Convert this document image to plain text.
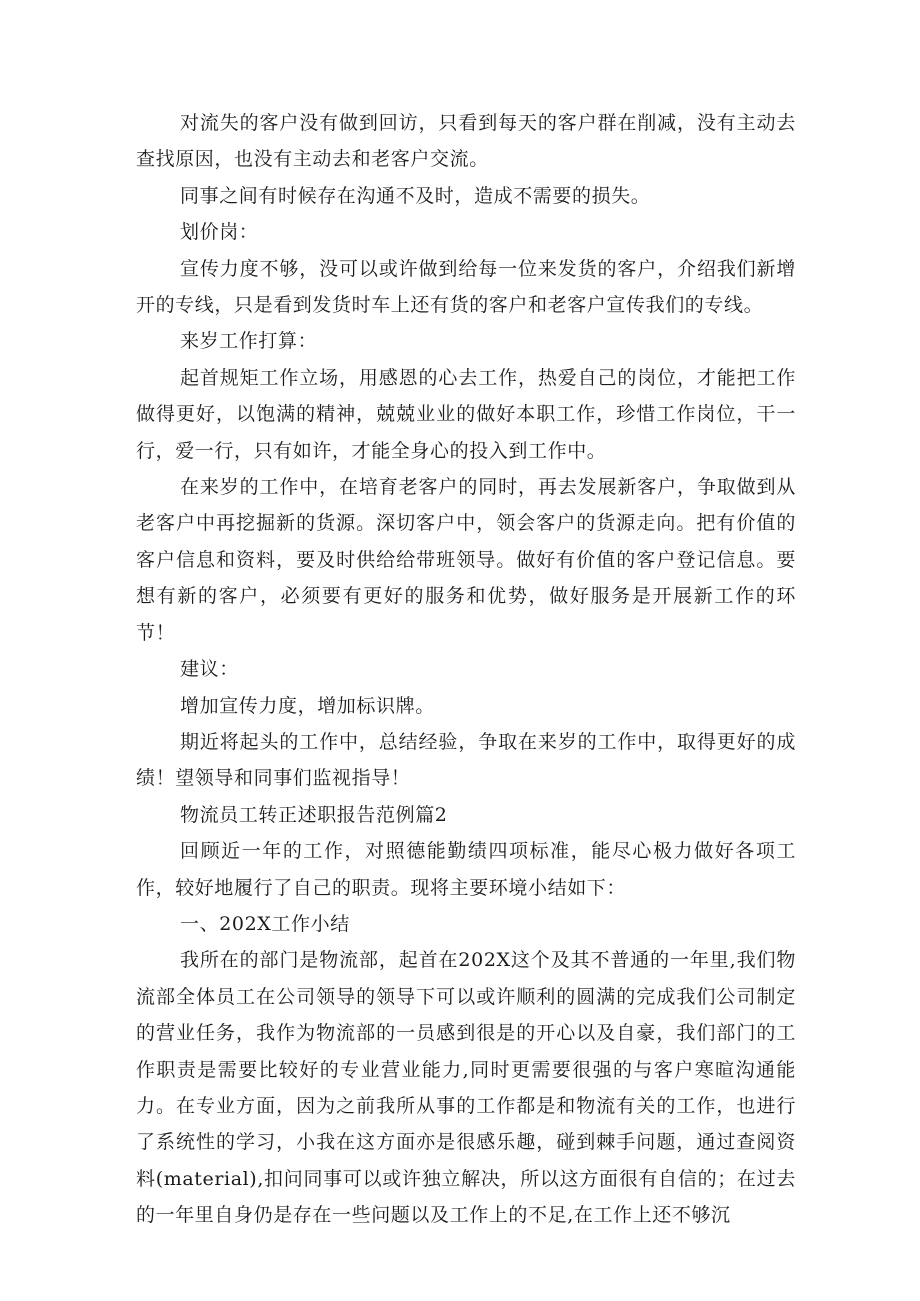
对流失的客户没有做到回访，只看到每天的客户群在削减，没有主动去查找原因，也没有主动去和老客户交流。

同事之间有时候存在沟通不及时，造成不需要的损失。

划价岗：

宣传力度不够，没可以或许做到给每一位来发货的客户，介绍我们新增开的专线，只是看到发货时车上还有货的客户和老客户宣传我们的专线。

来岁工作打算：

起首规矩工作立场，用感恩的心去工作，热爱自己的岗位，才能把工作做得更好，以饱满的精神，兢兢业业的做好本职工作，珍惜工作岗位，干一行，爱一行，只有如许，才能全身心的投入到工作中。

在来岁的工作中，在培育老客户的同时，再去发展新客户，争取做到从老客户中再挖掘新的货源。深切客户中，领会客户的货源走向。把有价值的客户信息和资料，要及时供给给带班领导。做好有价值的客户登记信息。要想有新的客户，必须要有更好的服务和优势，做好服务是开展新工作的环节！

建议：

增加宣传力度，增加标识牌。

期近将起头的工作中，总结经验，争取在来岁的工作中，取得更好的成绩！望领导和同事们监视指导！

物流员工转正述职报告范例篇2

回顾近一年的工作，对照德能勤绩四项标准，能尽心极力做好各项工作，较好地履行了自己的职责。现将主要环境小结如下：

一、202X工作小结

我所在的部门是物流部，起首在202X这个及其不普通的一年里,我们物流部全体员工在公司领导的领导下可以或许顺利的圆满的完成我们公司制定的营业任务，我作为物流部的一员感到很是的开心以及自豪，我们部门的工作职责是需要比较好的专业营业能力,同时更需要很强的与客户寒暄沟通能力。在专业方面，因为之前我所从事的工作都是和物流有关的工作，也进行了系统性的学习，小我在这方面亦是很感乐趣，碰到棘手问题，通过查阅资料(material),扣问同事可以或许独立解决，所以这方面很有自信的；在过去的一年里自身仍是存在一些问题以及工作上的不足,在工作上还不够沉
